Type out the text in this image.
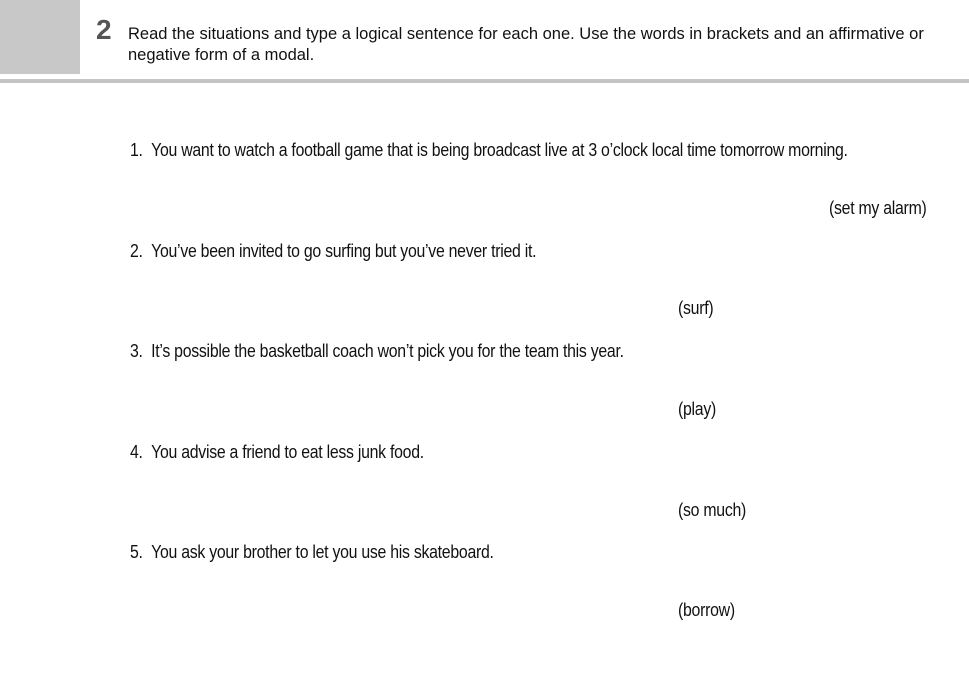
2 Read the situations and type a logical sentence for each one. Use the words in brackets and an affirmative or negative form of a modal.
1. You want to watch a football game that is being broadcast live at 3 o’clock local time tomorrow morning.
(set my alarm)
2. You’ve been invited to go surfing but you’ve never tried it.
(surf)
3. It’s possible the basketball coach won’t pick you for the team this year.
(play)
4. You advise a friend to eat less junk food.
(so much)
5. You ask your brother to let you use his skateboard.
(borrow)
